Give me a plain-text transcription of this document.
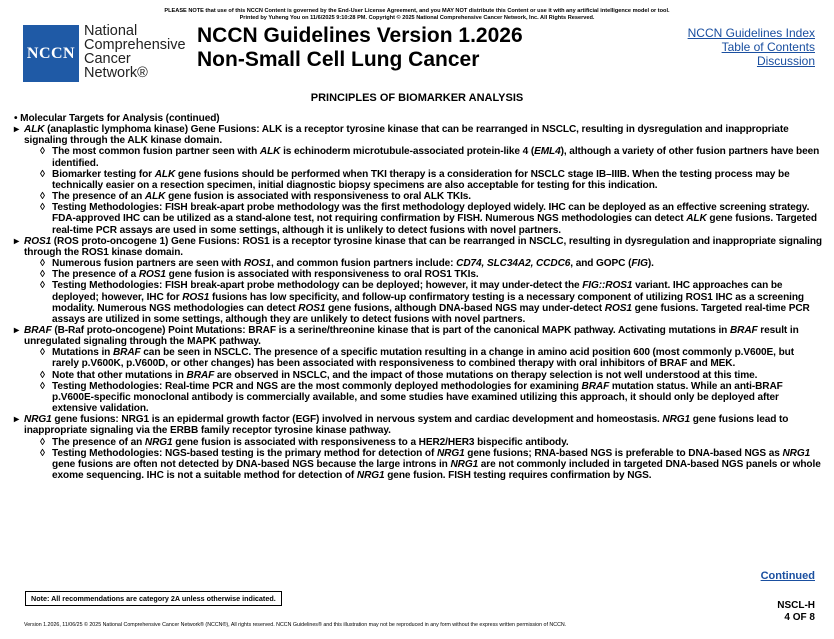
PLEASE NOTE that use of this NCCN Content is governed by the End-User License Agreement, and you MAY NOT distribute this Content or use it with any artificial intelligence model or tool.
Printed by Yuheng You on 11/6/2025 9:10:28 PM. Copyright © 2025 National Comprehensive Cancer Network, Inc. All Rights Reserved.
NCCN
National
Comprehensive
Cancer
Network®
NCCN Guidelines Version 1.2026
Non-Small Cell Lung Cancer
NCCN Guidelines Index
Table of Contents
Discussion
PRINCIPLES OF BIOMARKER ANALYSIS

• Molecular Targets for Analysis (continued)

▸ ALK (anaplastic lymphoma kinase) Gene Fusions: ALK is a receptor tyrosine kinase that can be rearranged in NSCLC, resulting in dysregulation and inappropriate signaling through the ALK kinase domain.

◊ The most common fusion partner seen with ALK is echinoderm microtubule-associated protein-like 4 (EML4), although a variety of other fusion partners have been identified.

◊ Biomarker testing for ALK gene fusions should be performed when TKI therapy is a consideration for NSCLC stage IB–IIIB. When the testing process may be technically easier on a resection specimen, initial diagnostic biopsy specimens are also acceptable for testing for this indication.

◊ The presence of an ALK gene fusion is associated with responsiveness to oral ALK TKIs.

◊ Testing Methodologies: FISH break-apart probe methodology was the first methodology deployed widely. IHC can be deployed as an effective screening strategy. FDA-approved IHC can be utilized as a stand-alone test, not requiring confirmation by FISH. Numerous NGS methodologies can detect ALK gene fusions. Targeted real-time PCR assays are used in some settings, although it is unlikely to detect fusions with novel partners.

▸ ROS1 (ROS proto-oncogene 1) Gene Fusions: ROS1 is a receptor tyrosine kinase that can be rearranged in NSCLC, resulting in dysregulation and inappropriate signaling through the ROS1 kinase domain.

◊ Numerous fusion partners are seen with ROS1, and common fusion partners include: CD74, SLC34A2, CCDC6, and GOPC (FIG).

◊ The presence of a ROS1 gene fusion is associated with responsiveness to oral ROS1 TKIs.

◊ Testing Methodologies: FISH break-apart probe methodology can be deployed; however, it may under-detect the FIG::ROS1 variant. IHC approaches can be deployed; however, IHC for ROS1 fusions has low specificity, and follow-up confirmatory testing is a necessary component of utilizing ROS1 IHC as a screening modality. Numerous NGS methodologies can detect ROS1 gene fusions, although DNA-based NGS may under-detect ROS1 gene fusions. Targeted real-time PCR assays are utilized in some settings, although they are unlikely to detect fusions with novel partners.

▸ BRAF (B-Raf proto-oncogene) Point Mutations: BRAF is a serine/threonine kinase that is part of the canonical MAPK pathway. Activating mutations in BRAF result in unregulated signaling through the MAPK pathway.

◊ Mutations in BRAF can be seen in NSCLC. The presence of a specific mutation resulting in a change in amino acid position 600 (most commonly p.V600E, but rarely p.V600K, p.V600D, or other changes) has been associated with responsiveness to combined therapy with oral inhibitors of BRAF and MEK.

◊ Note that other mutations in BRAF are observed in NSCLC, and the impact of those mutations on therapy selection is not well understood at this time.

◊ Testing Methodologies: Real-time PCR and NGS are the most commonly deployed methodologies for examining BRAF mutation status. While an anti-BRAF p.V600E-specific monoclonal antibody is commercially available, and some studies have examined utilizing this approach, it should only be deployed after extensive validation.

▸ NRG1 gene fusions: NRG1 is an epidermal growth factor (EGF) involved in nervous system and cardiac development and homeostasis. NRG1 gene fusions lead to inappropriate signaling via the ERBB family receptor tyrosine kinase pathway.

◊ The presence of an NRG1 gene fusion is associated with responsiveness to a HER2/HER3 bispecific antibody.

◊ Testing Methodologies: NGS-based testing is the primary method for detection of NRG1 gene fusions; RNA-based NGS is preferable to DNA-based NGS as NRG1 gene fusions are often not detected by DNA-based NGS because the large introns in NRG1 are not commonly included in targeted DNA-based NGS panels or whole exome sequencing. IHC is not a suitable method for detection of NRG1 gene fusion. FISH testing requires confirmation by NGS.

Continued
Note: All recommendations are category 2A unless otherwise indicated.
NSCL-H
4 OF 8
Version 1.2026, 11/06/25 © 2025 National Comprehensive Cancer Network® (NCCN®), All rights reserved. NCCN Guidelines® and this illustration may not be reproduced in any form without the express written permission of NCCN.
